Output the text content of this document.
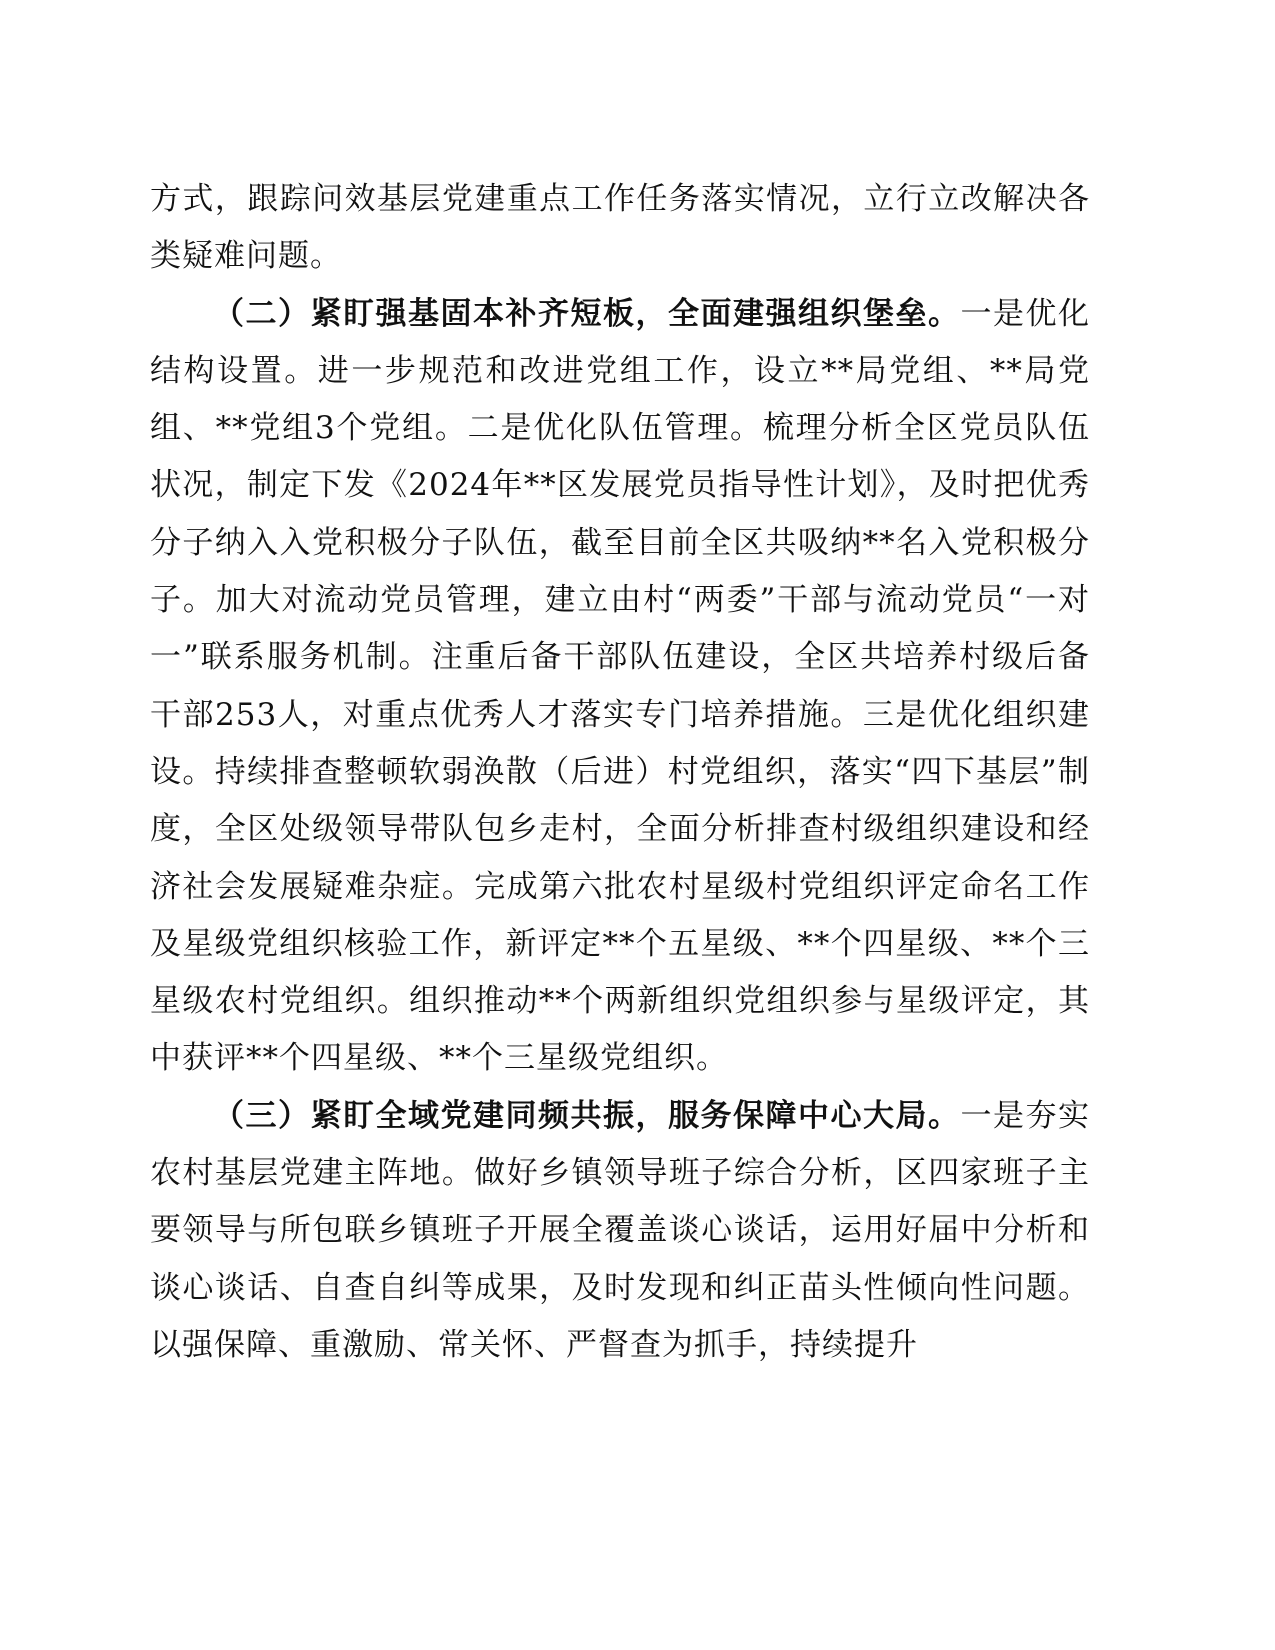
方式，跟踪问效基层党建重点工作任务落实情况，立行立改解决各类疑难问题。

（二）紧盯强基固本补齐短板，全面建强组织堡垒。一是优化结构设置。进一步规范和改进党组工作，设立**局党组、**局党组、**党组3个党组。二是优化队伍管理。梳理分析全区党员队伍状况，制定下发《2024年**区发展党员指导性计划》，及时把优秀分子纳入入党积极分子队伍，截至目前全区共吸纳**名入党积极分子。加大对流动党员管理，建立由村“两委”干部与流动党员“一对一”联系服务机制。注重后备干部队伍建设，全区共培养村级后备干部253人，对重点优秀人才落实专门培养措施。三是优化组织建设。持续排查整顿软弱涣散（后进）村党组织，落实“四下基层”制度，全区处级领导带队包乡走村，全面分析排查村级组织建设和经济社会发展疑难杂症。完成第六批农村星级村党组织评定命名工作及星级党组织核验工作，新评定**个五星级、**个四星级、**个三星级农村党组织。组织推动**个两新组织党组织参与星级评定，其中获评**个四星级、**个三星级党组织。

（三）紧盯全域党建同频共振，服务保障中心大局。一是夯实农村基层党建主阵地。做好乡镇领导班子综合分析，区四家班子主要领导与所包联乡镇班子开展全覆盖谈心谈话，运用好届中分析和谈心谈话、自查自纠等成果，及时发现和纠正苗头性倾向性问题。以强保障、重激励、常关怀、严督查为抓手，持续提升
